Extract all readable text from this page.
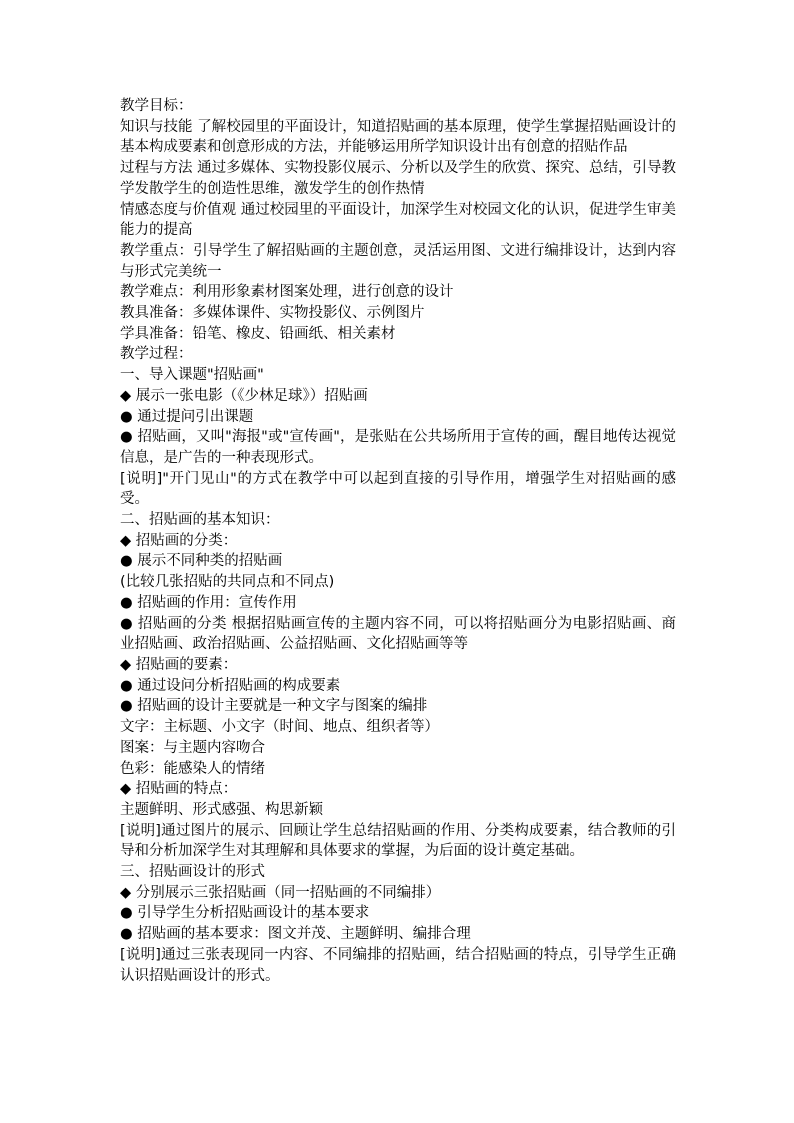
教学目标：

知识与技能 了解校园里的平面设计，知道招贴画的基本原理，使学生掌握招贴画设计的基本构成要素和创意形成的方法，并能够运用所学知识设计出有创意的招贴作品

过程与方法 通过多媒体、实物投影仪展示、分析以及学生的欣赏、探究、总结，引导教学发散学生的创造性思维，激发学生的创作热情

情感态度与价值观 通过校园里的平面设计，加深学生对校园文化的认识，促进学生审美能力的提高

教学重点：引导学生了解招贴画的主题创意，灵活运用图、文进行编排设计，达到内容与形式完美统一

教学难点：利用形象素材图案处理，进行创意的设计

教具准备：多媒体课件、实物投影仪、示例图片

学具准备：铅笔、橡皮、铅画纸、相关素材

教学过程：

一、导入课题"招贴画"

◆ 展示一张电影（《少林足球》）招贴画

● 通过提问引出课题

● 招贴画，又叫"海报"或"宣传画"，是张贴在公共场所用于宣传的画，醒目地传达视觉信息，是广告的一种表现形式。

[说明]"开门见山"的方式在教学中可以起到直接的引导作用，增强学生对招贴画的感受。

二、招贴画的基本知识：

◆ 招贴画的分类：

● 展示不同种类的招贴画

(比较几张招贴的共同点和不同点)

● 招贴画的作用：宣传作用

● 招贴画的分类 根据招贴画宣传的主题内容不同，可以将招贴画分为电影招贴画、商业招贴画、政治招贴画、公益招贴画、文化招贴画等等

◆ 招贴画的要素：

● 通过设问分析招贴画的构成要素

● 招贴画的设计主要就是一种文字与图案的编排

文字：主标题、小文字（时间、地点、组织者等）

图案：与主题内容吻合

色彩：能感染人的情绪

◆ 招贴画的特点：

主题鲜明、形式感强、构思新颖

[说明]通过图片的展示、回顾让学生总结招贴画的作用、分类构成要素，结合教师的引导和分析加深学生对其理解和具体要求的掌握，为后面的设计奠定基础。

三、招贴画设计的形式

◆ 分别展示三张招贴画（同一招贴画的不同编排）

● 引导学生分析招贴画设计的基本要求

● 招贴画的基本要求：图文并茂、主题鲜明、编排合理

[说明]通过三张表现同一内容、不同编排的招贴画，结合招贴画的特点，引导学生正确认识招贴画设计的形式。
